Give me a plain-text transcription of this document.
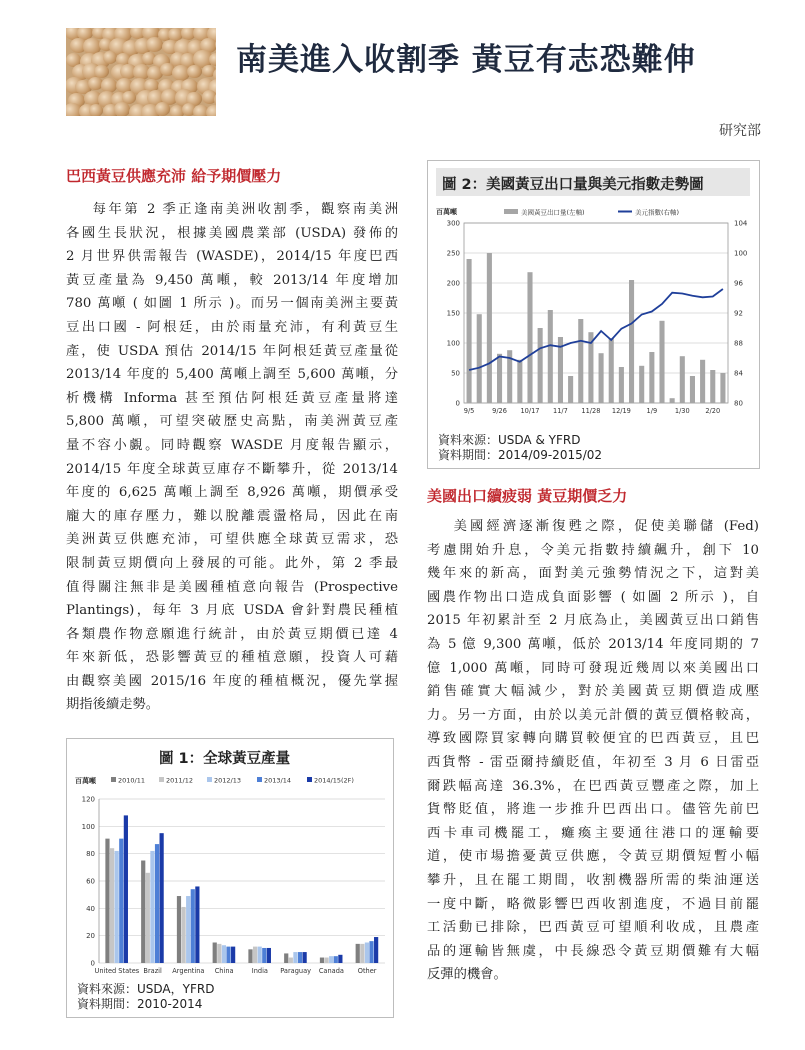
南美進入收割季 黃豆有志恐難伸
研究部
巴西黃豆供應充沛 給予期價壓力
每年第 2 季正逢南美洲收割季，觀察南美洲
各國生長狀況，根據美國農業部 (USDA) 發佈的
2 月世界供需報告 (WASDE)，2014/15 年度巴西
黃豆產量為 9,450 萬噸，較 2013/14 年度增加
780 萬噸 ( 如圖 1 所示 )。而另一個南美洲主要黃
豆出口國 - 阿根廷，由於雨量充沛，有利黃豆生
產，使 USDA 預估 2014/15 年阿根廷黃豆產量從
2013/14 年度的 5,400 萬噸上調至 5,600 萬噸，分
析機構 Informa 甚至預估阿根廷黃豆產量將達
5,800 萬噸，可望突破歷史高點，南美洲黃豆產
量不容小覷。同時觀察 WASDE 月度報告顯示，
2014/15 年度全球黃豆庫存不斷攀升，從 2013/14
年度的 6,625 萬噸上調至 8,926 萬噸，期價承受
龐大的庫存壓力，難以脫離震盪格局，因此在南
美洲黃豆供應充沛，可望供應全球黃豆需求，恐
限制黃豆期價向上發展的可能。此外，第 2 季最
值得關注無非是美國種植意向報告 (Prospective
Plantings)，每年 3 月底 USDA 會針對農民種植
各類農作物意願進行統計，由於黃豆期價已達 4
年來新低，恐影響黃豆的種植意願，投資人可藉
由觀察美國 2015/16 年度的種植概況，優先掌握
期指後續走勢。
圖 1：全球黃豆產量
百萬噸	2010/11	2011/12	2012/13	2013/14	2014/15(2F)
0
20
40
60
80
100
120
United States Brazil Argentina China	India Paraguay Canada Other
資料來源：USDA，YFRD
資料期間：2010-2014
圖 2：美國黃豆出口量與美元指數走勢圖
百萬噸	美國黃豆出口量(左軸)	美元指數(右軸)
0
50
100
150
200
250
300
80
84
88
92
96
100
104
9/5	9/26 10/17 11/7 11/28 12/19 1/9	1/30 2/20
資料來源：USDA & YFRD
資料期間：2014/09-2015/02
美國出口續疲弱 黃豆期價乏力
美國經濟逐漸復甦之際，促使美聯儲 (Fed)
考慮開始升息，令美元指數持續飆升，創下 10
幾年來的新高，面對美元強勢情況之下，這對美
國農作物出口造成負面影響 ( 如圖 2 所示 )，自
2015 年初累計至 2 月底為止，美國黃豆出口銷售
為 5 億 9,300 萬噸，低於 2013/14 年度同期的 7
億 1,000 萬噸，同時可發現近幾周以來美國出口
銷售確實大幅減少，對於美國黃豆期價造成壓
力。另一方面，由於以美元計價的黃豆價格較高，
導致國際買家轉向購買較便宜的巴西黃豆，且巴
西貨幣 - 雷亞爾持續貶值，年初至 3 月 6 日雷亞
爾跌幅高達 36.3%，在巴西黃豆豐產之際，加上
貨幣貶值，將進一步推升巴西出口。儘管先前巴
西卡車司機罷工，癱瘓主要通往港口的運輸要
道，使市場擔憂黃豆供應，令黃豆期價短暫小幅
攀升，且在罷工期間，收割機器所需的柴油運送
一度中斷，略微影響巴西收割進度，不過目前罷
工活動已排除，巴西黃豆可望順利收成，且農產
品的運輸皆無虞，中長線恐令黃豆期價難有大幅
反彈的機會。
